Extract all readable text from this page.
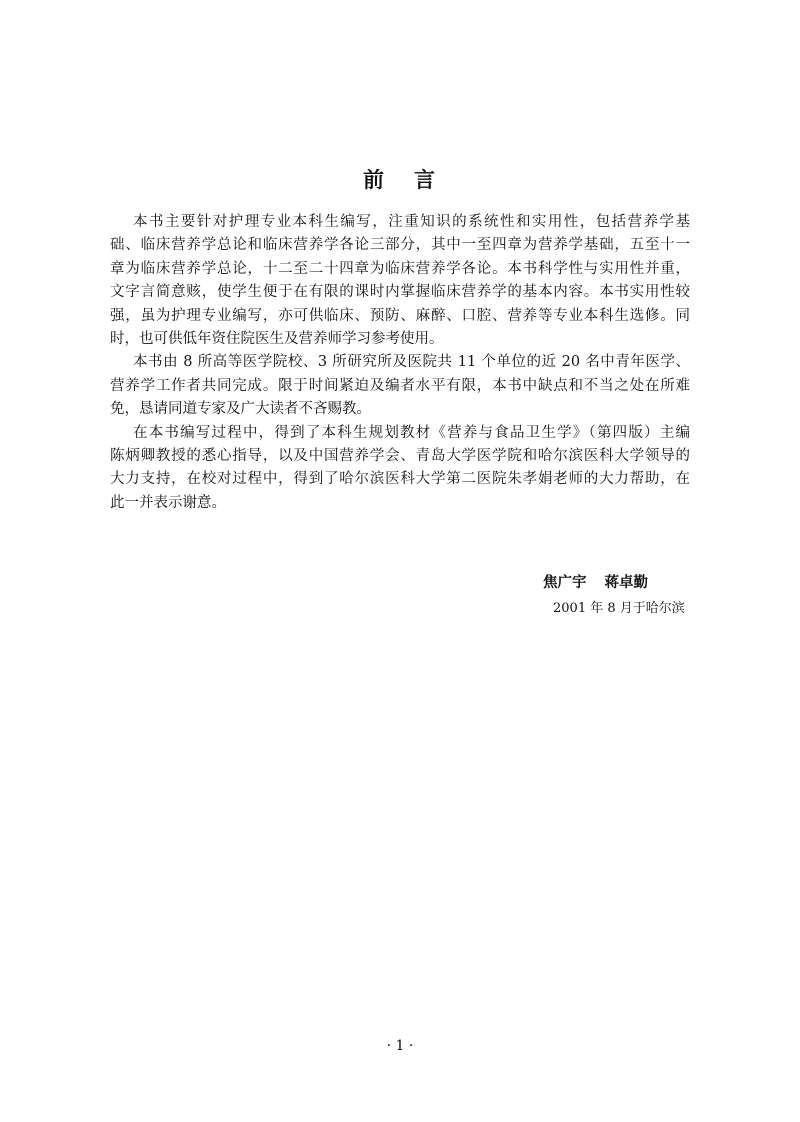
前 言
本书主要针对护理专业本科生编写，注重知识的系统性和实用性，包括营养学基
础、临床营养学总论和临床营养学各论三部分，其中一至四章为营养学基础，五至十一
章为临床营养学总论，十二至二十四章为临床营养学各论。本书科学性与实用性并重，
文字言简意赅，使学生便于在有限的课时内掌握临床营养学的基本内容。本书实用性较
强，虽为护理专业编写，亦可供临床、预防、麻醉、口腔、营养等专业本科生选修。同
时，也可供低年资住院医生及营养师学习参考使用。
本书由 8 所高等医学院校、3 所研究所及医院共 11 个单位的近 20 名中青年医学、
营养学工作者共同完成。限于时间紧迫及编者水平有限，本书中缺点和不当之处在所难
免，恳请同道专家及广大读者不吝赐教。
在本书编写过程中，得到了本科生规划教材《营养与食品卫生学》（第四版）主编
陈炳卿教授的悉心指导，以及中国营养学会、青岛大学医学院和哈尔滨医科大学领导的
大力支持，在校对过程中，得到了哈尔滨医科大学第二医院朱孝娟老师的大力帮助，在
此一并表示谢意。
焦广宇 蒋卓勤
2001 年 8 月于哈尔滨
· 1 ·
